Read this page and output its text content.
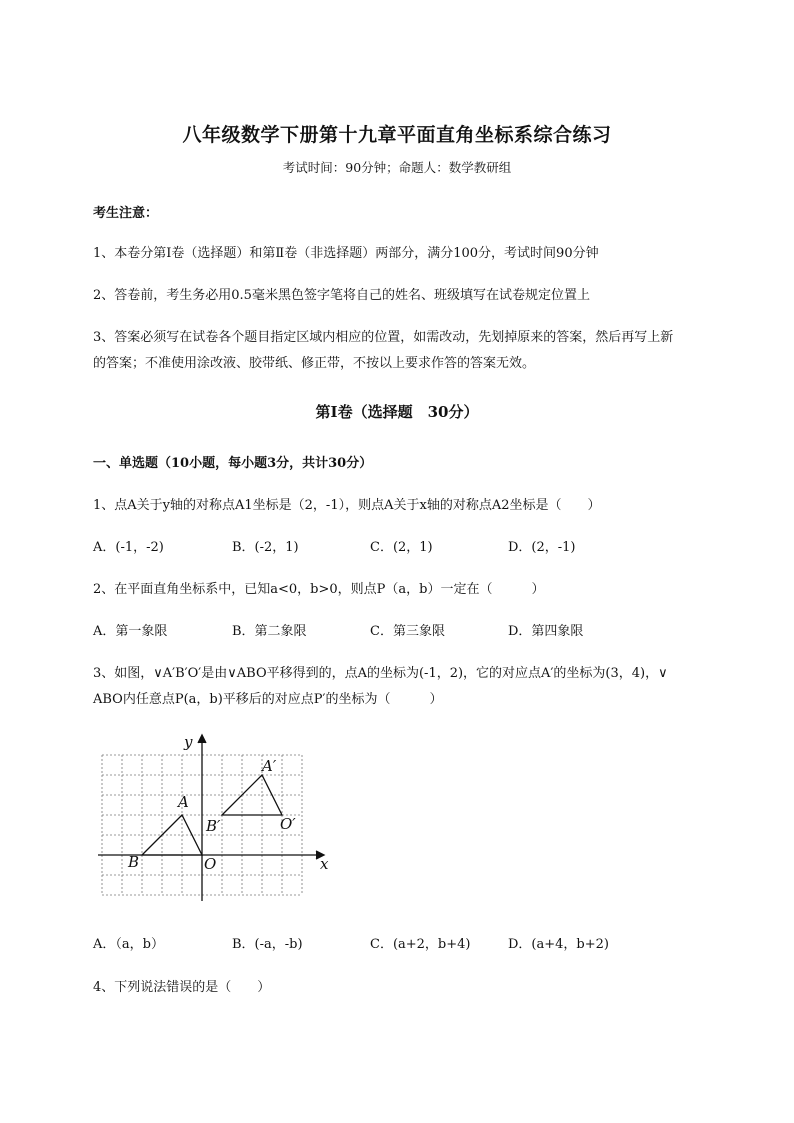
八年级数学下册第十九章平面直角坐标系综合练习
考试时间：90分钟；命题人：数学教研组
考生注意：
1、本卷分第I卷（选择题）和第Ⅱ卷（非选择题）两部分，满分100分，考试时间90分钟
2、答卷前，考生务必用0.5毫米黑色签字笔将自己的姓名、班级填写在试卷规定位置上
3、答案必须写在试卷各个题目指定区域内相应的位置，如需改动，先划掉原来的答案，然后再写上新
的答案；不准使用涂改液、胶带纸、修正带，不按以上要求作答的答案无效。
第I卷（选择题　30分）
一、单选题（10小题，每小题3分，共计30分）
1、点A关于y轴的对称点A1坐标是（2，-1），则点A关于x轴的对称点A2坐标是（　　）
A．(-1，-2)	B．(-2，1)	C．(2，1)	D．(2，-1)
2、在平面直角坐标系中，已知a<0，b>0，则点P（a，b）一定在（　　　）
A．第一象限	B．第二象限	C．第三象限	D．第四象限
3、如图，∨A′B′O′是由∨ABO平移得到的，点A的坐标为(-1，2)，它的对应点A′的坐标为(3，4)，∨
ABO内任意点P(a，b)平移后的对应点P′的坐标为（　　　）
y
x
A
B	O
A′
B′	O′
A．（a，b）	B．(-a，-b)	C．(a+2，b+4)	D．(a+4，b+2)
4、下列说法错误的是（　　）
